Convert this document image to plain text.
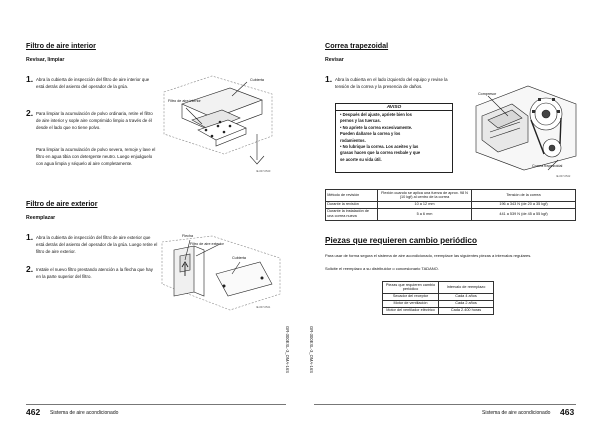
Filtro de aire interior
Revisar, limpiar
1. Abra la cubierta de inspección del filtro de aire interior que está detrás del asiento del operador de la grúa.
2. Para limpiar la acumulación de polvo ordinaria, retire el filtro de aire interior y sople aire comprimido limpio a través de él desde el lado que no tiene polvo.
Para limpiar la acumulación de polvo severa, remoje y lave el filtro en agua tibia con detergente neutro. Luego enjuáguelo con agua limpia y séquelo al aire completamente.
Cubierta
Filtro de aire interior
IE-007-0540
Filtro de aire exterior
Reemplazar
1. Abra la cubierta de inspección del filtro de aire exterior que está detrás del asiento del operador de la grúa. Luego retire el filtro de aire exterior.
2. Instale el nuevo filtro prestando atención a la flecha que hay en la parte superior del filtro.
Flecha
Filtro de aire exterior
Cubierta
IE-007-0541
GR-300EXL-3_OMA-16S
462 Sistema de aire acondicionado
Correa trapezoidal
Revisar
1. Abra la cubierta en el lado izquierdo del equipo y revise la tensión de la correa y la presencia de daños.
AVISO
• Después del ajuste, apriete bien los
pernos y las tuercas.
• No apriete la correa excesivamente.
Pueden dañarse la correa y los
rodamientos.
• No lubrique la correa. Los aceites y las
grasas hacen que la correa resbale y que
se acorte su vida útil.
Compresor
Correa trapezoidal
IE-007-0542
Método de revisión	Flexión cuando se aplica una fuerza de aprox. 98 N (10 kgf) al centro de la correa	Tensión de la correa
Durante la revisión	10 a 12 mm	196 a 343 N (de 20 a 35 kgf)
Durante la instalación de una correa nueva	5 a 6 mm	441 a 539 N (de 45 a 55 kgf)
Piezas que requieren cambio periódico
Para usar de forma segura el sistema de aire acondicionado, reemplace las siguientes piezas a intervalos regulares.
Solicite el reemplazo a su distribuidor o concesionario TADANO.
Piezas que requieren cambio periódico	Intervalo de reemplazo
Secador del receptor	Cada 4 años
Motor de ventilación	Cada 2 años
Motor del ventilador eléctrico	Cada 2.400 horas
GR-300EXL-3_OMA-16S
Sistema de aire acondicionado 463
